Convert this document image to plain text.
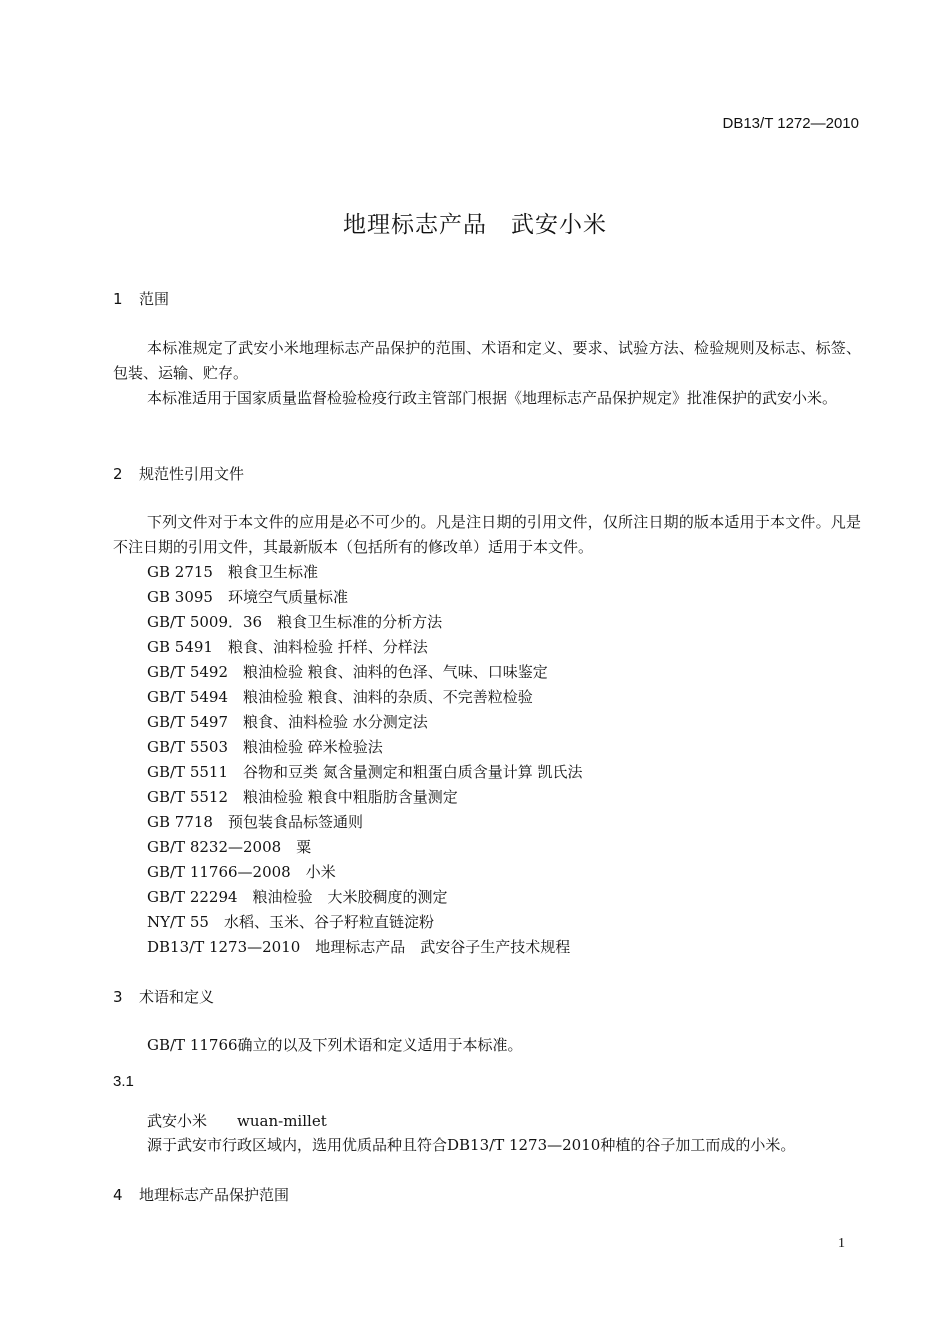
DB13/T 1272—2010
地理标志产品　武安小米
1 范围
本标准规定了武安小米地理标志产品保护的范围、术语和定义、要求、试验方法、检验规则及标志、标签、包装、运输、贮存。
本标准适用于国家质量监督检验检疫行政主管部门根据《地理标志产品保护规定》批准保护的武安小米。
2 规范性引用文件
下列文件对于本文件的应用是必不可少的。凡是注日期的引用文件，仅所注日期的版本适用于本文件。凡是不注日期的引用文件，其最新版本（包括所有的修改单）适用于本文件。
GB 2715　粮食卫生标准
GB 3095　环境空气质量标准
GB/T 5009．36　粮食卫生标准的分析方法
GB 5491　粮食、油料检验 扦样、分样法
GB/T 5492　粮油检验 粮食、油料的色泽、气味、口味鉴定
GB/T 5494　粮油检验 粮食、油料的杂质、不完善粒检验
GB/T 5497　粮食、油料检验 水分测定法
GB/T 5503　粮油检验 碎米检验法
GB/T 5511　谷物和豆类 氮含量测定和粗蛋白质含量计算 凯氏法
GB/T 5512　粮油检验 粮食中粗脂肪含量测定
GB 7718　预包装食品标签通则
GB/T 8232—2008　粟
GB/T 11766—2008　小米
GB/T 22294　粮油检验　大米胶稠度的测定
NY/T 55　水稻、玉米、谷子籽粒直链淀粉
DB13/T 1273—2010　地理标志产品　武安谷子生产技术规程
3 术语和定义
GB/T 11766确立的以及下列术语和定义适用于本标准。
3.1
武安小米　　 wuan-millet
源于武安市行政区域内，选用优质品种且符合DB13/T 1273—2010种植的谷子加工而成的小米。
4 地理标志产品保护范围
1
